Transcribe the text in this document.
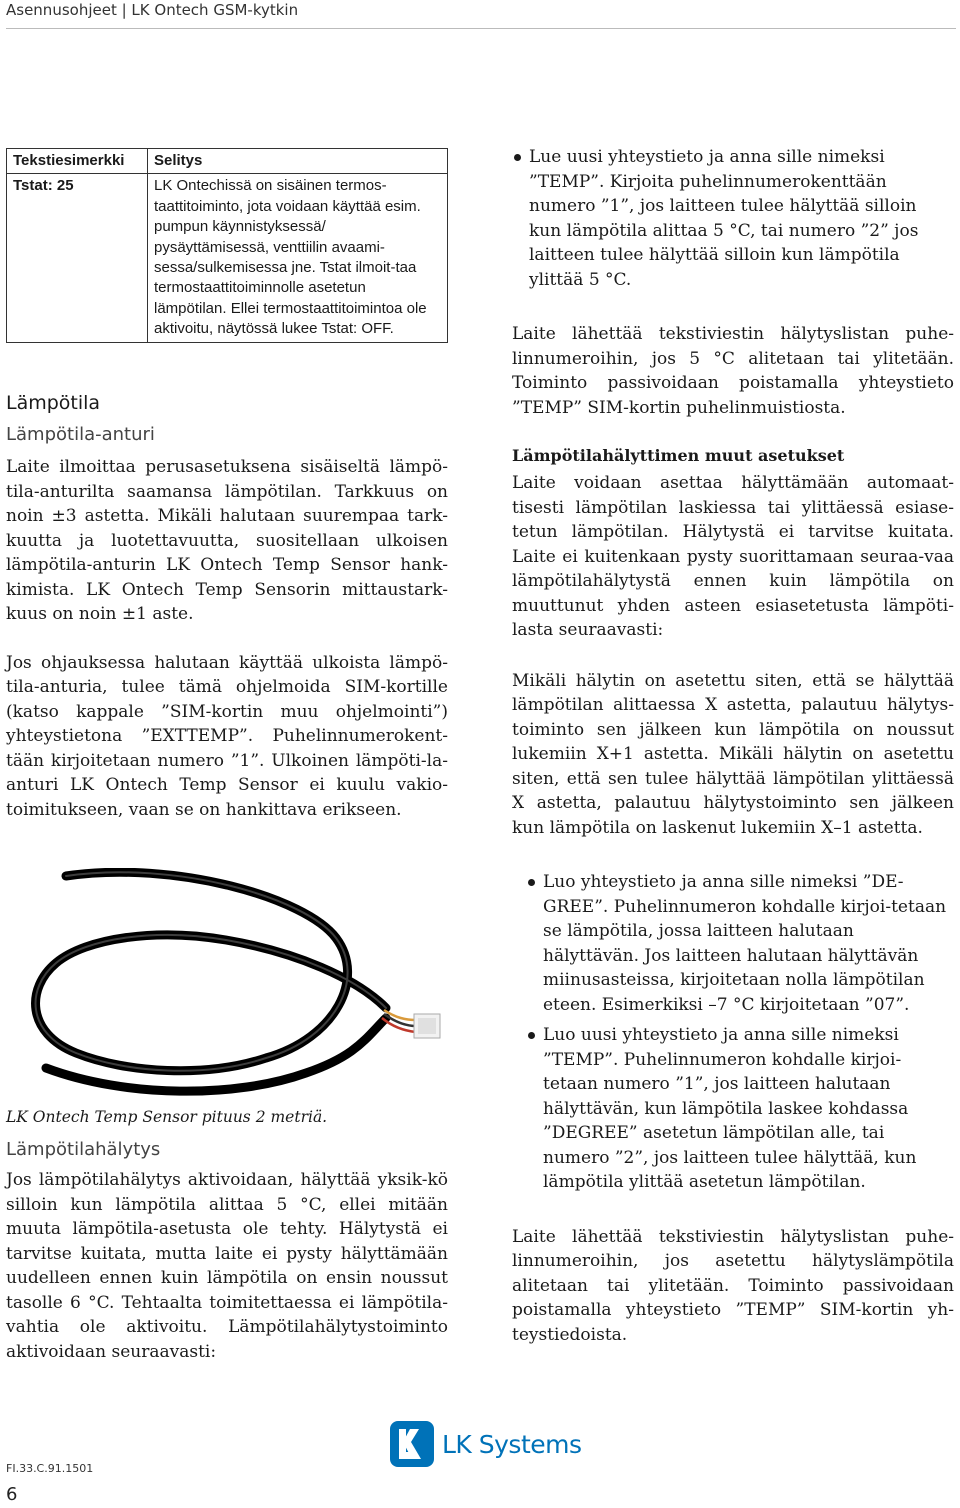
Asennusohjeet | LK Ontech GSM-kytkin
Tekstiesimerkki	Selitys
Tstat: 25	LK Ontechissä on sisäinen termos-taattitoiminto, jota voidaan käyttää esim. pumpun käynnistyksessä/ pysäyttämisessä, venttiilin avaami-sessa/sulkemisessa jne. Tstat ilmoit-taa termostaattitoiminnolle asetetun lämpötilan. Ellei termostaattitoimintoa ole aktivoitu, näytössä lukee Tstat: OFF.

Lämpötila

Lämpötila-anturi

Laite ilmoittaa perusasetuksena sisäiseltä lämpö-tila-anturilta saamansa lämpötilan. Tarkkuus on noin ±3 astetta. Mikäli halutaan suurempaa tark-kuutta ja luotettavuutta, suositellaan ulkoisen lämpötila-anturin LK Ontech Temp Sensor hank-kimista. LK Ontech Temp Sensorin mittaustark-kuus on noin ±1 aste.

Jos ohjauksessa halutaan käyttää ulkoista lämpö-tila-anturia, tulee tämä ohjelmoida SIM-kortille (katso kappale ”SIM-kortin muu ohjelmointi”) yhteystietona ”EXTTEMP”. Puhelinnumerokent-tään kirjoitetaan numero ”1”. Ulkoinen lämpöti-la-anturi LK Ontech Temp Sensor ei kuulu vakio-toimitukseen, vaan se on hankittava erikseen.

LK Ontech Temp Sensor pituus 2 metriä.

Lämpötilahälytys

Jos lämpötilahälytys aktivoidaan, hälyttää yksik-kö silloin kun lämpötila alittaa 5 °C, ellei mitään muuta lämpötila-asetusta ole tehty. Hälytystä ei tarvitse kuitata, mutta laite ei pysty hälyttämään uudelleen ennen kuin lämpötila on ensin noussut tasolle 6 °C. Tehtaalta toimitettaessa ei lämpötila-vahtia ole aktivoitu. Lämpötilahälytystoiminto aktivoidaan seuraavasti:

Lue uusi yhteystieto ja anna sille nimeksi ”TEMP”. Kirjoita puhelinnumerokenttään numero ”1”, jos laitteen tulee hälyttää silloin kun lämpötila alittaa 5 °C, tai numero ”2” jos laitteen tulee hälyttää silloin kun lämpötila ylittää 5 °C.

Laite lähettää tekstiviestin hälytyslistan puhe-linnumeroihin, jos 5 °C alitetaan tai ylitetään. Toiminto passivoidaan poistamalla yhteystieto ”TEMP” SIM-kortin puhelinmuistiosta.

Lämpötilahälyttimen muut asetukset

Laite voidaan asettaa hälyttämään automaat-tisesti lämpötilan laskiessa tai ylittäessä esiase-tetun lämpötilan. Hälytystä ei tarvitse kuitata. Laite ei kuitenkaan pysty suorittamaan seuraa-vaa lämpötilahälytystä ennen kuin lämpötila on muuttunut yhden asteen esiasetetusta lämpöti-lasta seuraavasti:

Mikäli hälytin on asetettu siten, että se hälyttää lämpötilan alittaessa X astetta, palautuu hälytys-toiminto sen jälkeen kun lämpötila on noussut lukemiin X+1 astetta. Mikäli hälytin on asetettu siten, että sen tulee hälyttää lämpötilan ylittäessä X astetta, palautuu hälytystoiminto sen jälkeen kun lämpötila on laskenut lukemiin X–1 astetta.

Luo yhteystieto ja anna sille nimeksi ”DE-GREE”. Puhelinnumeron kohdalle kirjoi-tetaan se lämpötila, jossa laitteen halutaan hälyttävän. Jos laitteen halutaan hälyttävän miinusasteissa, kirjoitetaan nolla lämpötilan eteen. Esimerkiksi –7 °C kirjoitetaan ”07”.
Luo uusi yhteystieto ja anna sille nimeksi ”TEMP”. Puhelinnumeron kohdalle kirjoi-tetaan numero ”1”, jos laitteen halutaan hälyttävän, kun lämpötila laskee kohdassa ”DEGREE” asetetun lämpötilan alle, tai numero ”2”, jos laitteen tulee hälyttää, kun lämpötila ylittää asetetun lämpötilan.

Laite lähettää tekstiviestin hälytyslistan puhe-linnumeroihin, jos asetettu hälytyslämpötila alitetaan tai ylitetään. Toiminto passivoidaan poistamalla yhteystieto ”TEMP” SIM-kortin yh-teystiedoista.

LK Systems
FI.33.C.91.1501
6
